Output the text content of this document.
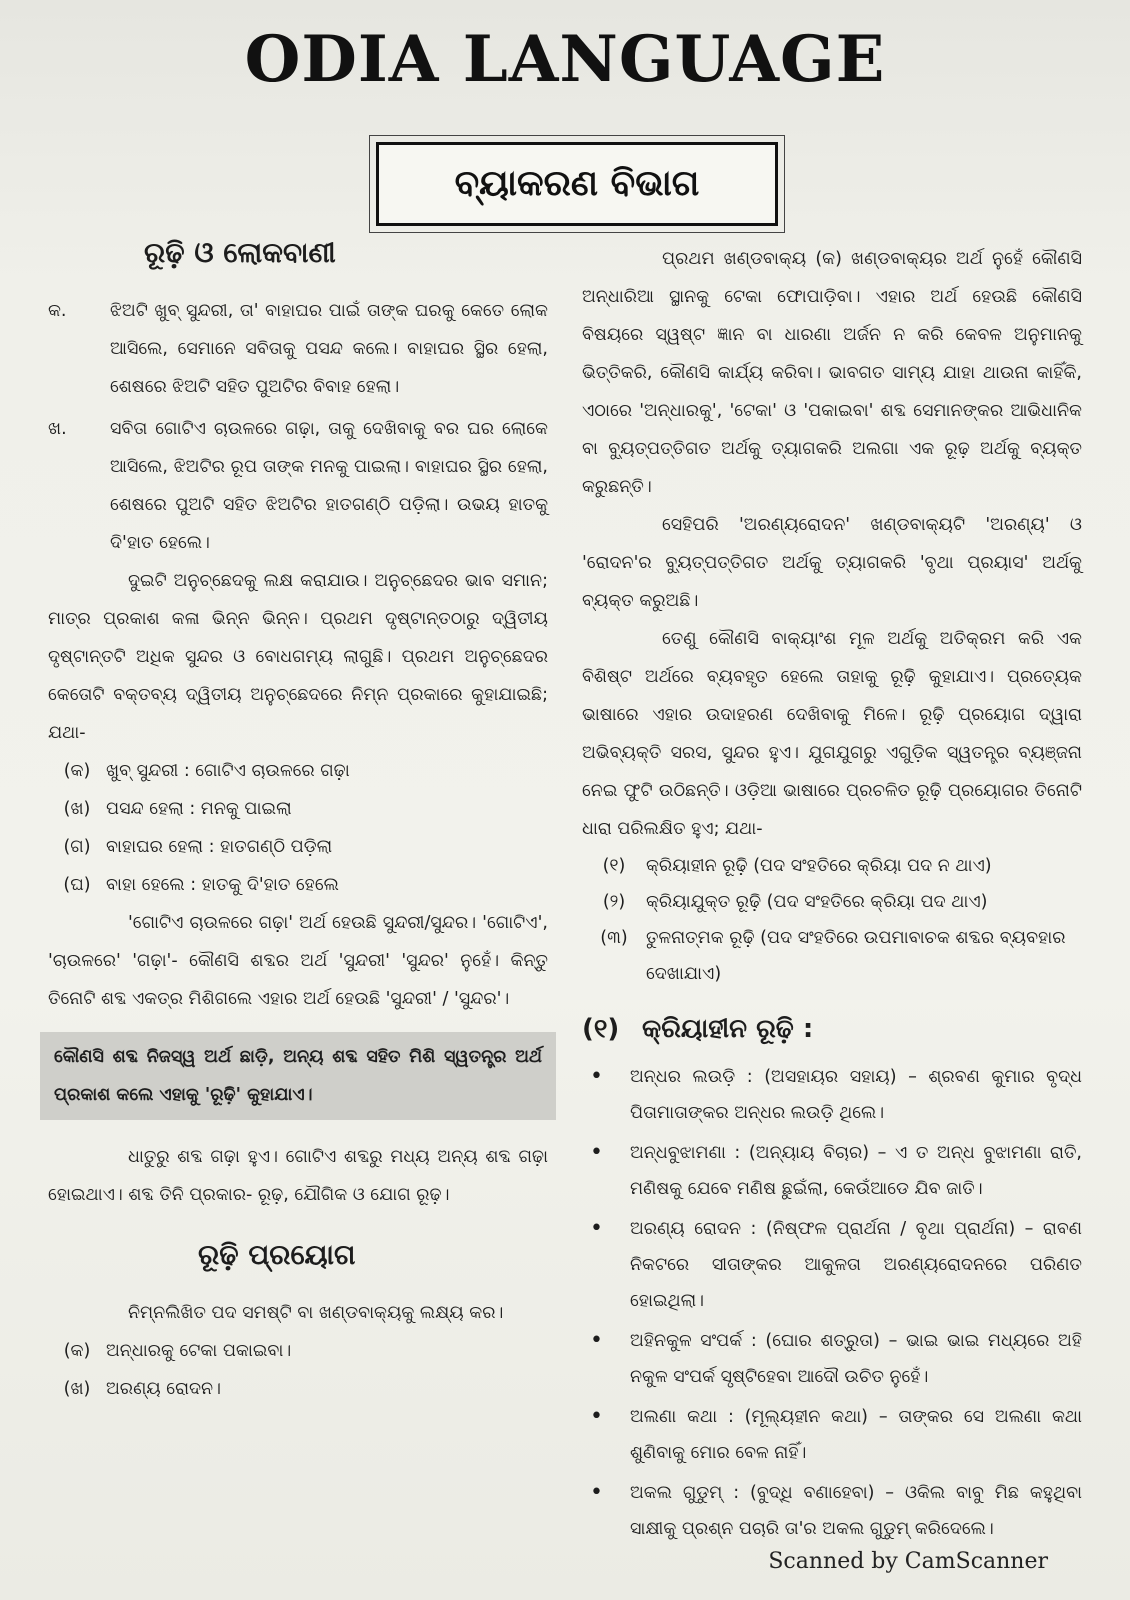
ODIA LANGUAGE
ବ୍ୟାକରଣ ବିଭାଗ
ରୂଢ଼ି ଓ ଲୋକବାଣୀ
କ.	ଝିଅଟି ଖୁବ୍ ସୁନ୍ଦରୀ, ତା' ବାହାଘର ପାଇଁ ତାଙ୍କ ଘରକୁ କେତେ ଲୋକ ଆସିଲେ, ସେମାନେ ସବିତାକୁ ପସନ୍ଦ କଲେ। ବାହାଘର ସ୍ଥିର ହେଲା, ଶେଷରେ ଝିଅଟି ସହିତ ପୁଅଟିର ବିବାହ ହେଲା।
ଖ.	ସବିତା ଗୋଟିଏ ଚାଉଳରେ ଗଢ଼ା, ତାକୁ ଦେଖିବାକୁ ବର ଘର ଲୋକେ ଆସିଲେ, ଝିଅଟିର ରୂପ ତାଙ୍କ ମନକୁ ପାଇଲା। ବାହାଘର ସ୍ଥିର ହେଲା, ଶେଷରେ ପୁଅଟି ସହିତ ଝିଅଟିର ହାତଗଣ୍ଠି ପଡ଼ିଲା। ଉଭୟ ହାତକୁ ଦି'ହାତ ହେଲେ।

ଦୁଇଟି ଅନୁଚ୍ଛେଦକୁ ଲକ୍ଷ କରାଯାଉ। ଅନୁଚ୍ଛେଦର ଭାବ ସମାନ; ମାତ୍ର ପ୍ରକାଶ କଳା ଭିନ୍ନ ଭିନ୍ନ। ପ୍ରଥମ ଦୃଷ୍ଟାନ୍ତଠାରୁ ଦ୍ୱିତୀୟ ଦୃଷ୍ଟାନ୍ତଟି ଅଧିକ ସୁନ୍ଦର ଓ ବୋଧଗମ୍ୟ ଲାଗୁଛି। ପ୍ରଥମ ଅନୁଚ୍ଛେଦର କେତୋଟି ବକ୍ତବ୍ୟ ଦ୍ୱିତୀୟ ଅନୁଚ୍ଛେଦରେ ନିମ୍ନ ପ୍ରକାରେ କୁହାଯାଇଛି; ଯଥା-

(କ) ଖୁବ୍ ସୁନ୍ଦରୀ : ଗୋଟିଏ ଚାଉଳରେ ଗଢ଼ା
(ଖ) ପସନ୍ଦ ହେଲା : ମନକୁ ପାଇଲା
(ଗ) ବାହାଘର ହେଲା : ହାତଗଣ୍ଠି ପଡ଼ିଲା
(ଘ) ବାହା ହେଲେ : ହାତକୁ ଦି'ହାତ ହେଲେ

'ଗୋଟିଏ ଚାଉଳରେ ଗଢ଼ା' ଅର୍ଥ ହେଉଛି ସୁନ୍ଦରୀ/ସୁନ୍ଦର। 'ଗୋଟିଏ', 'ଚାଉଳରେ' 'ଗଢ଼ା'- କୌଣସି ଶବ୍ଦର ଅର୍ଥ 'ସୁନ୍ଦରୀ' 'ସୁନ୍ଦର' ନୁହେଁ। କିନ୍ତୁ ତିନୋଟି ଶବ୍ଦ ଏକତ୍ର ମିଶିଗଲେ ଏହାର ଅର୍ଥ ହେଉଛି 'ସୁନ୍ଦରୀ' / 'ସୁନ୍ଦର'।

କୌଣସି ଶବ୍ଦ ନିଜସ୍ୱ ଅର୍ଥ ଛାଡ଼ି, ଅନ୍ୟ ଶବ୍ଦ ସହିତ ମିଶି ସ୍ୱତନ୍ତ୍ର ଅର୍ଥ ପ୍ରକାଶ କଲେ ଏହାକୁ 'ରୂଢ଼ି' କୁହାଯାଏ।

ଧାତୁରୁ ଶବ୍ଦ ଗଢ଼ା ହୁଏ। ଗୋଟିଏ ଶବ୍ଦରୁ ମଧ୍ୟ ଅନ୍ୟ ଶବ୍ଦ ଗଢ଼ା ହୋଇଥାଏ। ଶବ୍ଦ ତିନି ପ୍ରକାର- ରୂଢ଼, ଯୌଗିକ ଓ ଯୋଗ ରୂଢ଼।

ରୂଢ଼ି ପ୍ରୟୋଗ

ନିମ୍ନଲିଖିତ ପଦ ସମଷ୍ଟି ବା ଖଣ୍ଡବାକ୍ୟକୁ ଲକ୍ଷ୍ୟ କର।

(କ) ଅନ୍ଧାରକୁ ଟେକା ପକାଇବା।
(ଖ) ଅରଣ୍ୟ ରୋଦନ।

ପ୍ରଥମ ଖଣ୍ଡବାକ୍ୟ (କ) ଖଣ୍ଡବାକ୍ୟର ଅର୍ଥ ନୁହେଁ କୌଣସି ଅନ୍ଧାରିଆ ସ୍ଥାନକୁ ଟେକା ଫୋପାଡ଼ିବା। ଏହାର ଅର୍ଥ ହେଉଛି କୌଣସି ବିଷୟରେ ସ୍ୱଷ୍ଟ ଜ୍ଞାନ ବା ଧାରଣା ଅର୍ଜନ ନ କରି କେବଳ ଅନୁମାନକୁ ଭିତ୍ତିକରି, କୌଣସି କାର୍ଯ୍ୟ କରିବା। ଭାବଗତ ସାମ୍ୟ ଯାହା ଥାଉନା କାହିଁକି, ଏଠାରେ 'ଅନ୍ଧାରକୁ', 'ଟେକା' ଓ 'ପକାଇବା' ଶବ୍ଦ ସେମାନଙ୍କର ଆଭିଧାନିକ ବା ବ୍ୟୁତ୍ପତ୍ତିଗତ ଅର୍ଥକୁ ତ୍ୟାଗକରି ଅଲଗା ଏକ ରୂଢ଼ ଅର୍ଥକୁ ବ୍ୟକ୍ତ କରୁଛନ୍ତି।

ସେହିପରି 'ଅରଣ୍ୟରୋଦନ' ଖଣ୍ଡବାକ୍ୟଟି 'ଅରଣ୍ୟ' ଓ 'ରୋଦନ'ର ବ୍ୟୁତ୍ପତ୍ତିଗତ ଅର୍ଥକୁ ତ୍ୟାଗକରି 'ବୃଥା ପ୍ରୟାସ' ଅର୍ଥକୁ ବ୍ୟକ୍ତ କରୁଅଛି।

ତେଣୁ କୌଣସି ବାକ୍ୟାଂଶ ମୂଳ ଅର୍ଥକୁ ଅତିକ୍ରମ କରି ଏକ ବିଶିଷ୍ଟ ଅର୍ଥରେ ବ୍ୟବହୃତ ହେଲେ ତାହାକୁ ରୂଢ଼ି କୁହାଯାଏ। ପ୍ରତ୍ୟେକ ଭାଷାରେ ଏହାର ଉଦାହରଣ ଦେଖିବାକୁ ମିଳେ। ରୂଢ଼ି ପ୍ରୟୋଗ ଦ୍ୱାରା ଅଭିବ୍ୟକ୍ତି ସରସ, ସୁନ୍ଦର ହୁଏ। ଯୁଗଯୁଗରୁ ଏଗୁଡ଼ିକ ସ୍ୱତନ୍ତ୍ର ବ୍ୟଞ୍ଜନା ନେଇ ଫୁଟି ଉଠିଛନ୍ତି। ଓଡ଼ିଆ ଭାଷାରେ ପ୍ରଚଳିତ ରୂଢ଼ି ପ୍ରୟୋଗର ତିନୋଟି ଧାରା ପରିଲକ୍ଷିତ ହୁଏ; ଯଥା-

(୧)	କ୍ରିୟାହୀନ ରୂଢ଼ି (ପଦ ସଂହତିରେ କ୍ରିୟା ପଦ ନ ଥାଏ)
(୨)	କ୍ରିୟାଯୁକ୍ତ ରୂଢ଼ି (ପଦ ସଂହତିରେ କ୍ରିୟା ପଦ ଥାଏ)
(୩)	ତୁଳନାତ୍ମକ ରୂଢ଼ି (ପଦ ସଂହତିରେ ଉପମାବାଚକ ଶବ୍ଦର ବ୍ୟବହାର ଦେଖାଯାଏ)
(୧) କ୍ରିୟାହୀନ ରୂଢ଼ି :
•	ଅନ୍ଧର ଲଉଡ଼ି : (ଅସହାୟର ସହାୟ) – ଶ୍ରବଣ କୁମାର ବୃଦ୍ଧ ପିତାମାତାଙ୍କର ଅନ୍ଧର ଲଉଡ଼ି ଥିଲେ।
•	ଅନ୍ଧବୁଝାମଣା : (ଅନ୍ୟାୟ ବିଚାର) – ଏ ତ ଅନ୍ଧ ବୁଝାମଣା ରାତି, ମଣିଷକୁ ଯେବେ ମଣିଷ ଛୁଇଁଲା, କେଉଁଆଡେ ଯିବ ଜାତି।
•	ଅରଣ୍ୟ ରୋଦନ : (ନିଷ୍ଫଳ ପ୍ରାର୍ଥନା / ବୃଥା ପ୍ରାର୍ଥନା) – ରାବଣ ନିକଟରେ ସୀତାଙ୍କର ଆକୁଳତା ଅରଣ୍ୟରୋଦନରେ ପରିଣତ ହୋଇଥିଲା।
•	ଅହିନକୁଳ ସଂପର୍କ : (ଘୋର ଶତ୍ରୁତା) – ଭାଇ ଭାଇ ମଧ୍ୟରେ ଅହି ନକୁଳ ସଂପର୍କ ସୃଷ୍ଟିହେବା ଆଦୌ ଉଚିତ ନୁହେଁ।
•	ଅଲଣା କଥା : (ମୂଲ୍ୟହୀନ କଥା) – ତାଙ୍କର ସେ ଅଲଣା କଥା ଶୁଣିବାକୁ ମୋର ବେଳ ନାହିଁ।
•	ଅକଲ ଗୁଡୁମ୍ : (ବୁଦ୍ଧି ବଣାହେବା) – ଓକିଲ ବାବୁ ମିଛ କହୁଥିବା ସାକ୍ଷୀକୁ ପ୍ରଶ୍ନ ପଚାରି ତା'ର ଅକଲ ଗୁଡୁମ୍ କରିଦେଲେ।
Scanned by CamScanner
